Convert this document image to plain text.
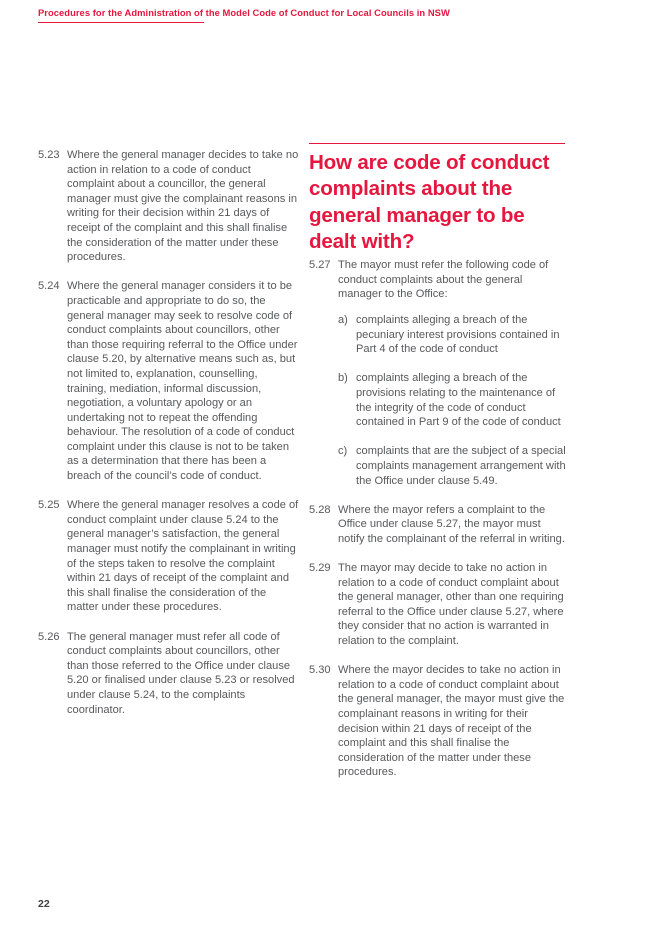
Procedures for the Administration of the Model Code of Conduct for Local Councils in NSW
5.23 Where the general manager decides to take no action in relation to a code of conduct complaint about a councillor, the general manager must give the complainant reasons in writing for their decision within 21 days of receipt of the complaint and this shall finalise the consideration of the matter under these procedures.
5.24 Where the general manager considers it to be practicable and appropriate to do so, the general manager may seek to resolve code of conduct complaints about councillors, other than those requiring referral to the Office under clause 5.20, by alternative means such as, but not limited to, explanation, counselling, training, mediation, informal discussion, negotiation, a voluntary apology or an undertaking not to repeat the offending behaviour. The resolution of a code of conduct complaint under this clause is not to be taken as a determination that there has been a breach of the council’s code of conduct.
5.25 Where the general manager resolves a code of conduct complaint under clause 5.24 to the general manager’s satisfaction, the general manager must notify the complainant in writing of the steps taken to resolve the complaint within 21 days of receipt of the complaint and this shall finalise the consideration of the matter under these procedures.
5.26 The general manager must refer all code of conduct complaints about councillors, other than those referred to the Office under clause 5.20 or finalised under clause 5.23 or resolved under clause 5.24, to the complaints coordinator.
How are code of conduct complaints about the general manager to be dealt with?
5.27 The mayor must refer the following code of conduct complaints about the general manager to the Office:
a) complaints alleging a breach of the pecuniary interest provisions contained in Part 4 of the code of conduct
b) complaints alleging a breach of the provisions relating to the maintenance of the integrity of the code of conduct contained in Part 9 of the code of conduct
c) complaints that are the subject of a special complaints management arrangement with the Office under clause 5.49.
5.28 Where the mayor refers a complaint to the Office under clause 5.27, the mayor must notify the complainant of the referral in writing.
5.29 The mayor may decide to take no action in relation to a code of conduct complaint about the general manager, other than one requiring referral to the Office under clause 5.27, where they consider that no action is warranted in relation to the complaint.
5.30 Where the mayor decides to take no action in relation to a code of conduct complaint about the general manager, the mayor must give the complainant reasons in writing for their decision within 21 days of receipt of the complaint and this shall finalise the consideration of the matter under these procedures.
22
